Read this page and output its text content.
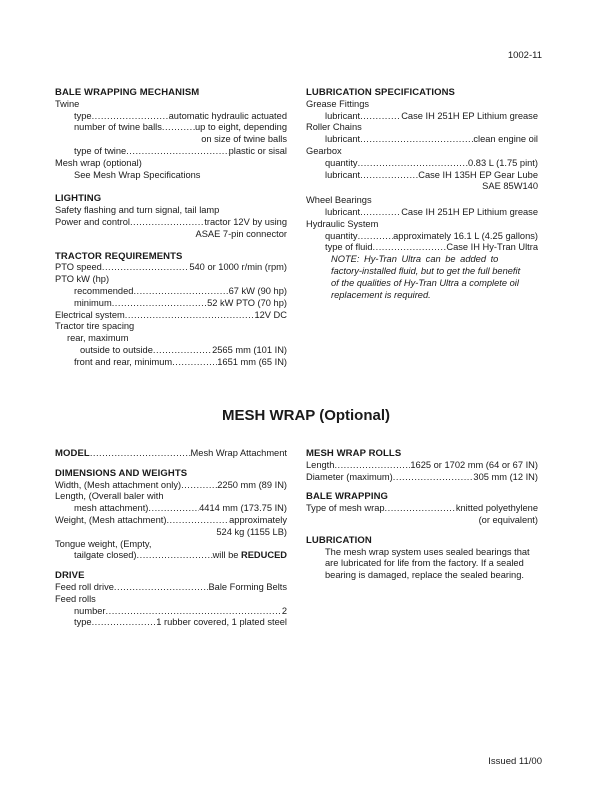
1002-11
BALE WRAPPING MECHANISM
Twine
type .....	automatic hydraulic actuated
number of twine balls .....	up to eight, depending
on size of twine balls
type of twine .....	plastic or sisal
Mesh wrap (optional)
See Mesh Wrap Specifications
LIGHTING
Safety flashing and turn signal, tail lamp
Power and control .....	tractor 12V by using
ASAE 7-pin connector
TRACTOR REQUIREMENTS
PTO speed .....	540 or 1000 r/min (rpm)
PTO kW (hp)
recommended .....	67 kW (90 hp)
minimum .....	52 kW PTO (70 hp)
Electrical system .....	12V DC
Tractor tire spacing
rear, maximum
outside to outside .....	2565 mm (101 IN)
front and rear, minimum .....	1651 mm (65 IN)
LUBRICATION SPECIFICATIONS
Grease Fittings
lubricant .....	Case IH 251H EP Lithium grease
Roller Chains
lubricant .....	clean engine oil
Gearbox
quantity .....	0.83 L (1.75 pint)
lubricant .....	Case IH 135H EP Gear Lube
SAE 85W140
Wheel Bearings
lubricant .....	Case IH 251H EP Lithium grease
Hydraulic System
quantity .....	approximately 16.1 L (4.25 gallons)
type of fluid .....	Case IH Hy-Tran Ultra
NOTE: Hy-Tran Ultra can be added to
factory-installed fluid, but to get the full benefit
of the qualities of Hy-Tran Ultra a complete oil
replacement is required.
MESH WRAP (Optional)
MODEL .....	Mesh Wrap Attachment
DIMENSIONS AND WEIGHTS
Width, (Mesh attachment only) .....	2250 mm (89 IN)
Length, (Overall baler with
mesh attachment) .....	4414 mm (173.75 IN)
Weight, (Mesh attachment) .....	approximately
524 kg (1155 LB)
Tongue weight, (Empty,
tailgate closed) .....	will be REDUCED
DRIVE
Feed roll drive .....	Bale Forming Belts
Feed rolls
number .....	2
type .....	1 rubber covered, 1 plated steel
MESH WRAP ROLLS
Length .....	1625 or 1702 mm (64 or 67 IN)
Diameter (maximum) .....	305 mm (12 IN)
BALE WRAPPING
Type of mesh wrap .....	knitted polyethylene
(or equivalent)
LUBRICATION
The mesh wrap system uses sealed bearings that
are lubricated for life from the factory. If a sealed
bearing is damaged, replace the sealed bearing.
Issued 11/00
